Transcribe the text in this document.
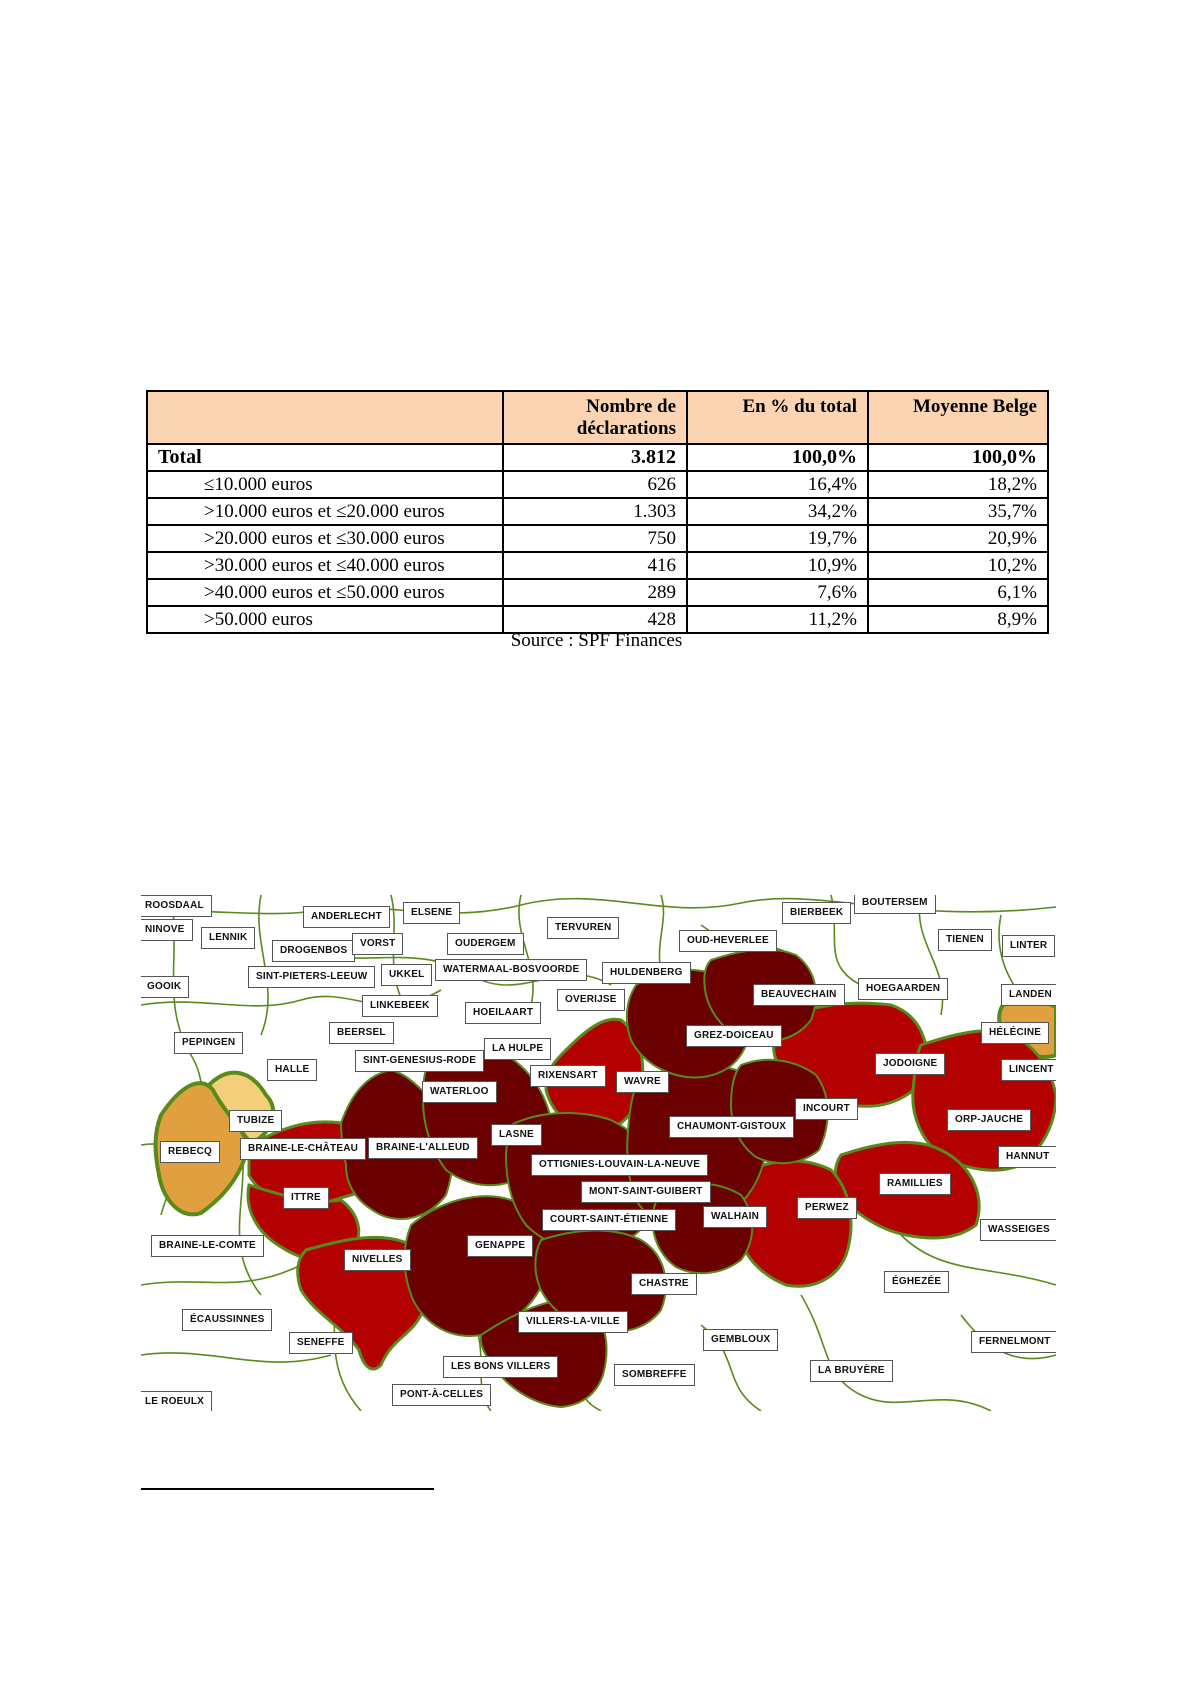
	Nombre de
déclarations	En % du total	Moyenne Belge
Total	3.812	100,0%	100,0%
≤10.000 euros	626	16,4%	18,2%
>10.000 euros et ≤20.000 euros	1.303	34,2%	35,7%
>20.000 euros et ≤30.000 euros	750	19,7%	20,9%
>30.000 euros et ≤40.000 euros	416	10,9%	10,2%
>40.000 euros et ≤50.000 euros	289	7,6%	6,1%
>50.000 euros	428	11,2%	8,9%
Source : SPF Finances
ROOSDAAL
ANDERLECHT	ELSENE
TERVUREN
BIERBEEK
BOUTERSEM
NINOVE
LENNIK
DROGENBOS
VORST	OUDERGEM	OUD-HEVERLEE	TIENEN
LINTER
GOOIK
SINT-PIETERS-LEEUW	UKKEL	WATERMAAL-BOSVOORDE	HULDENBERG
BEAUVECHAIN
HOEGAARDEN
LANDEN
LINKEBEEK
HOEILAART
OVERIJSE
HÉLÉCINE
PEPINGEN
BEERSEL	GREZ-DOICEAU
LA HULPE
JODOIGNE
HALLE
SINT-GENESIUS-RODE
RIXENSART
WAVRE
LINCENT
WATERLOO
INCOURT
TUBIZE
CHAUMONT-GISTOUX
ORP-JAUCHE
REBECQ	BRAINE-LE-CHÂTEAU	BRAINE-L'ALLEUD
LASNE
OTTIGNIES-LOUVAIN-LA-NEUVE
HANNUT
MONT-SAINT-GUIBERT
RAMILLIES
ITTRE
PERWEZ
COURT-SAINT-ÉTIENNE	WALHAIN
WASSEIGES
BRAINE-LE-COMTE	GENAPPE
NIVELLES
CHASTRE	ÉGHEZÉE
ÉCAUSSINNES	VILLERS-LA-VILLE
SENEFFE	GEMBLOUX	FERNELMONT
LES BONS VILLERS
SOMBREFFE	LA BRUYÈRE
PONT-À-CELLES
LE ROEULX
